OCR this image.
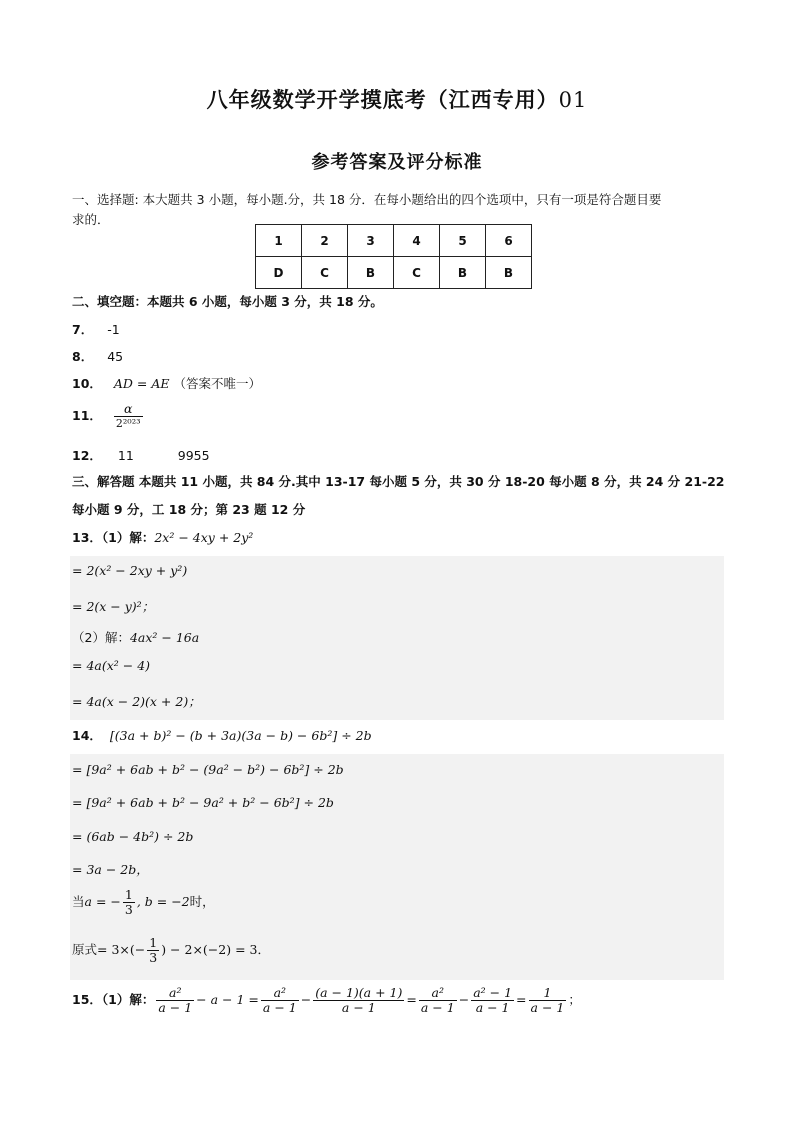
八年级数学开学摸底考（江西专用）01
参考答案及评分标准
一、选择题: 本大题共 3 小题，每小题.分，共 18 分．在每小题给出的四个选项中，只有一项是符合题目要
求的．
1	2	3	4	5	6
D	C	B	C	B	B
二、填空题：本题共 6 小题，每小题 3 分，共 18 分。
7． -1
8． 45
10． AD = AE （答案不唯一）
11． $\frac{\alpha}{\text{2²⁰²³}}$
12． 11	9955
三、解答题 本题共 11 小题，共 84 分.其中 13-17 每小题 5 分，共 30 分 18-20 每小题 8 分，共 24 分 21-22
每小题 9 分，工 18 分；第 23 题 12 分
13．（1）解：2x² − 4xy + 2y²
= 2(x² − 2xy + y²)
= 2(x − y)²；
（2）解：4ax² − 16a
= 4a(x² − 4)
= 4a(x − 2)(x + 2)；
14． [(3a + b)² − (b + 3a)(3a − b) − 6b²] ÷ 2b
= [9a² + 6ab + b² − (9a² − b²) − 6b²] ÷ 2b
= [9a² + 6ab + b² − 9a² + b² − 6b²] ÷ 2b
= (6ab − 4b²) ÷ 2b
= 3a − 2b，
当a = − $\frac{1}{3}$ , b = −2时，
原式= $3\times(- \frac{1}{3}$ ) − 2×(−2) = 3．
15．（1）解： $\frac{\text{a²}}{a - 1} - a - 1 = \frac{\text{a²}}{a - 1} - \frac{(a - 1)(a + 1)}{a - 1} = \frac{\text{a²}}{a - 1} - \frac{\text{a² − 1}}{a - 1} = \frac{1}{a - 1}$ ；
